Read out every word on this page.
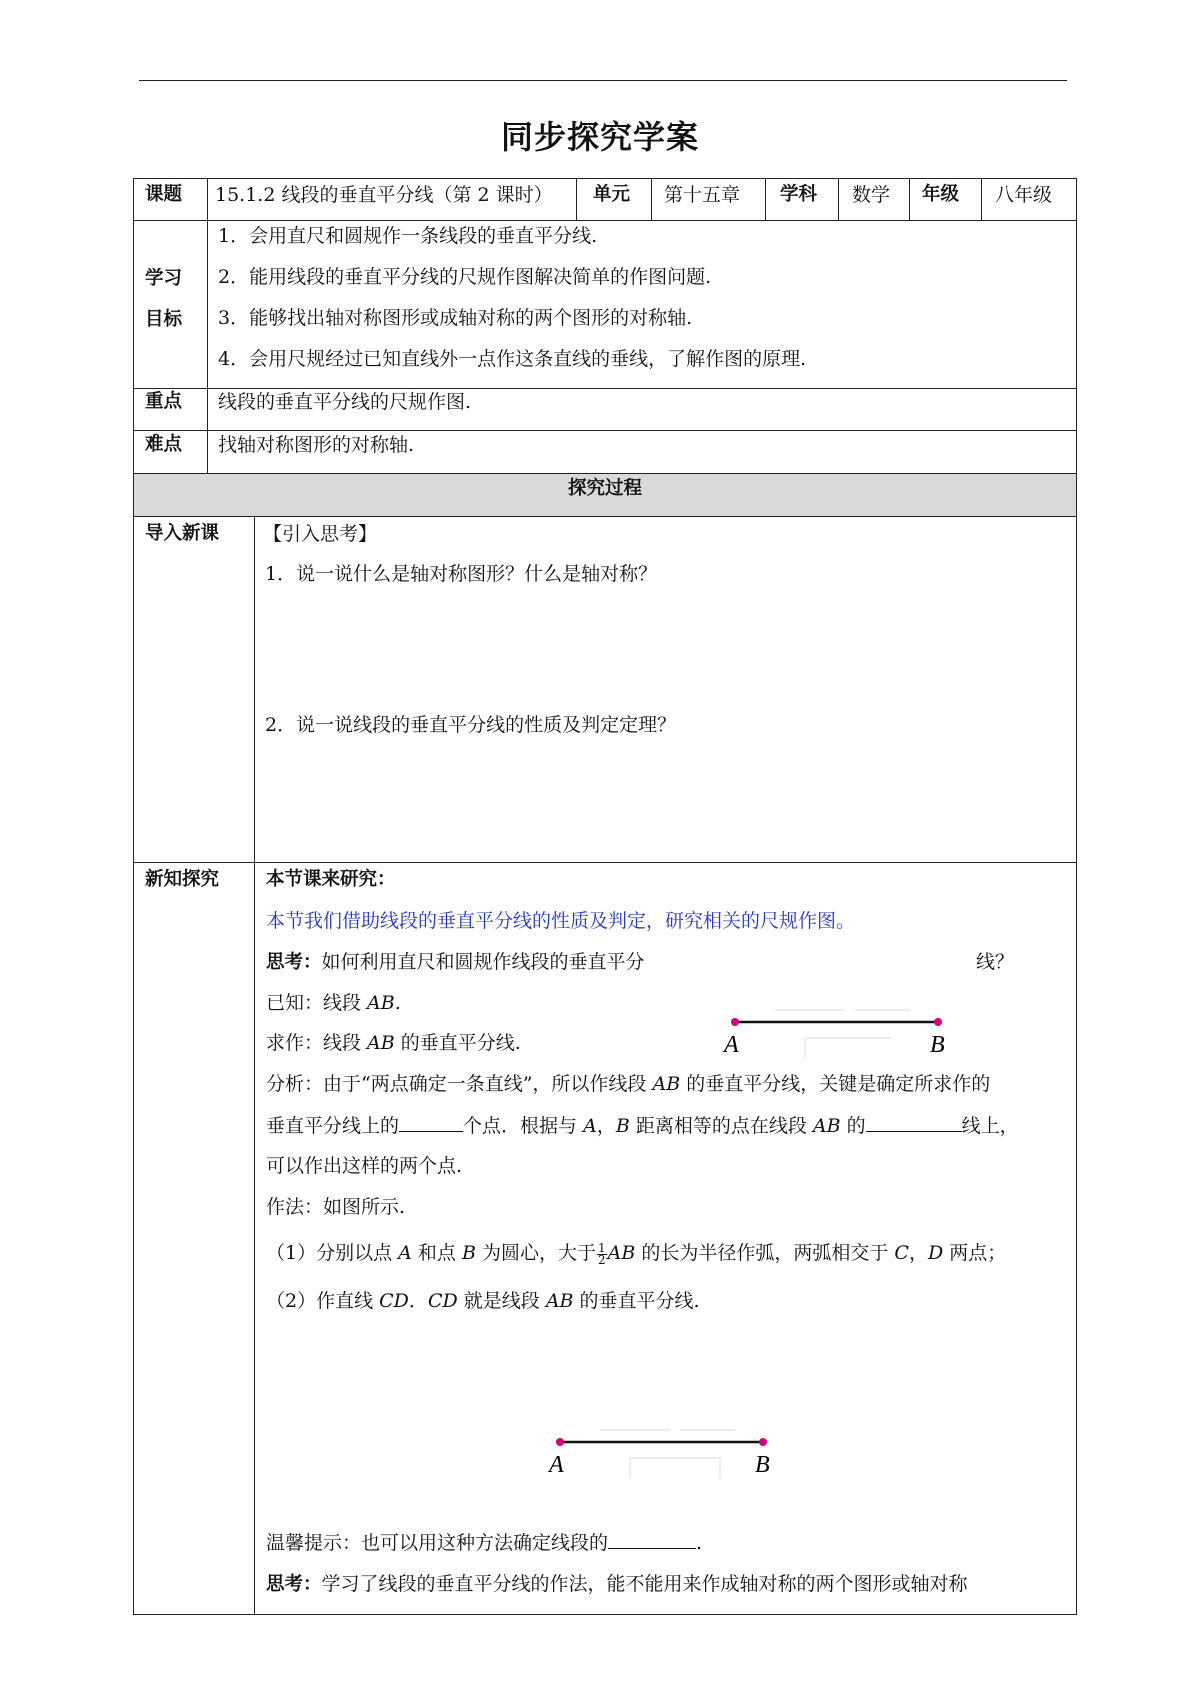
同步探究学案
课题 15.1.2 线段的垂直平分线（第 2 课时） 单元 第十五章 学科 数学 年级 八年级
学习
目标
1．会用直尺和圆规作一条线段的垂直平分线.
2．能用线段的垂直平分线的尺规作图解决简单的作图问题.
3．能够找出轴对称图形或成轴对称的两个图形的对称轴.
4．会用尺规经过已知直线外一点作这条直线的垂线，了解作图的原理.
重点 线段的垂直平分线的尺规作图.
难点 找轴对称图形的对称轴.
探究过程
导入新课 【引入思考】
1．说一说什么是轴对称图形？什么是轴对称？
2．说一说线段的垂直平分线的性质及判定定理？
新知探究	本节课来研究：
本节我们借助线段的垂直平分线的性质及判定，研究相关的尺规作图。
思考：如何利用直尺和圆规作线段的垂直平分	线？
已知：线段 AB.
求作：线段 AB 的垂直平分线.	A	B
分析：由于“两点确定一条直线”，所以作线段 AB 的垂直平分线，关键是确定所求作的
垂直平分线上的	个点．根据与 A，B 距离相等的点在线段 AB 的	线上，
可以作出这样的两个点.
作法：如图所示.
（1）分别以点 A 和点 B 为圆心，大于 $\frac{1}{2}$ AB 的长为半径作弧，两弧相交于 C，D 两点；
（2）作直线 CD．CD 就是线段 AB 的垂直平分线.
A	B
温馨提示：也可以用这种方法确定线段的	.
思考：学习了线段的垂直平分线的作法，能不能用来作成轴对称的两个图形或轴对称
